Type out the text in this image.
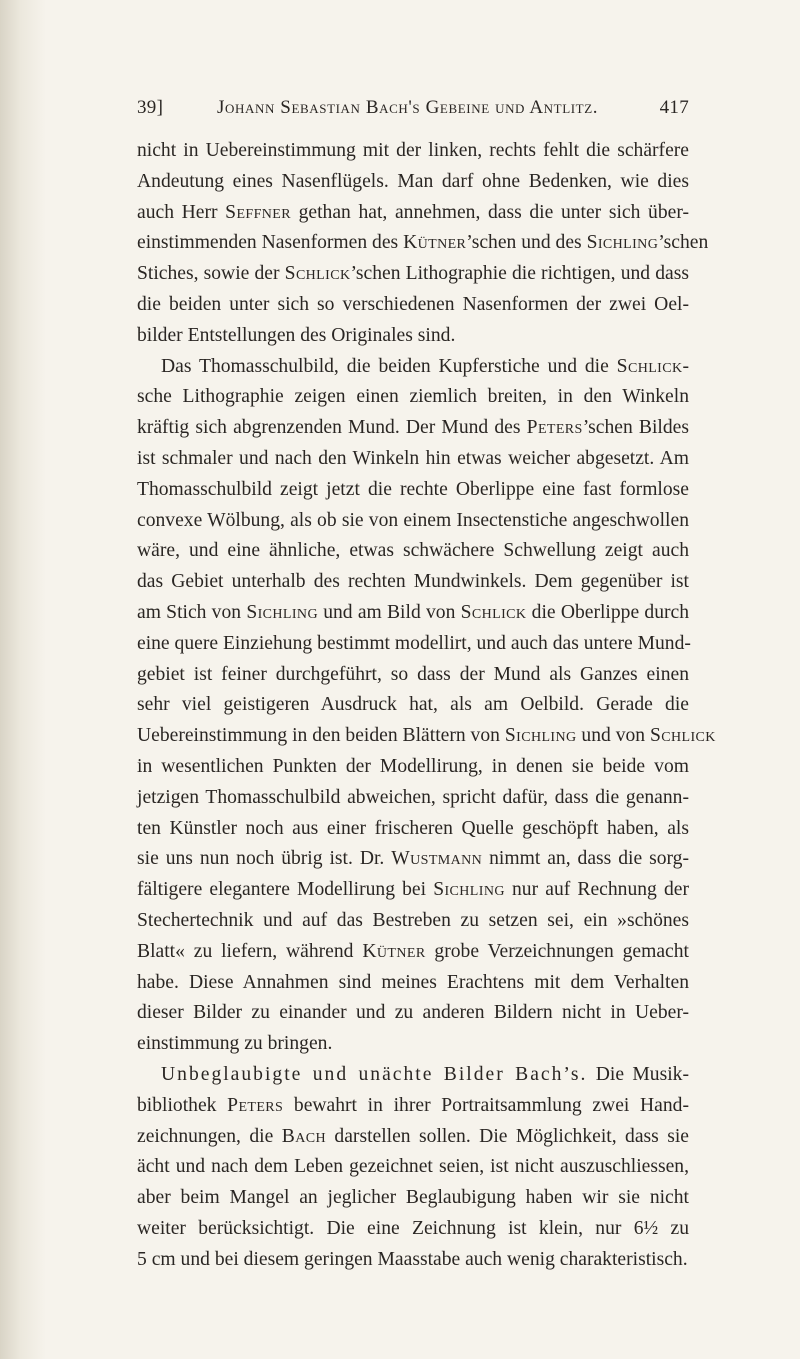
39]	Johann Sebastian Bach's Gebeine und Antlitz.	417
nicht in Uebereinstimmung mit der linken, rechts fehlt die schärfere
Andeutung eines Nasenflügels. Man darf ohne Bedenken, wie dies
auch Herr Seffner gethan hat, annehmen, dass die unter sich über-
einstimmenden Nasenformen des Kütner’schen und des Sichling’schen
Stiches, sowie der Schlick’schen Lithographie die richtigen, und dass
die beiden unter sich so verschiedenen Nasenformen der zwei Oel-
bilder Entstellungen des Originales sind.
Das Thomasschulbild, die beiden Kupferstiche und die Schlick-
sche Lithographie zeigen einen ziemlich breiten, in den Winkeln
kräftig sich abgrenzenden Mund. Der Mund des Peters’schen Bildes
ist schmaler und nach den Winkeln hin etwas weicher abgesetzt. Am
Thomasschulbild zeigt jetzt die rechte Oberlippe eine fast formlose
convexe Wölbung, als ob sie von einem Insectenstiche angeschwollen
wäre, und eine ähnliche, etwas schwächere Schwellung zeigt auch
das Gebiet unterhalb des rechten Mundwinkels. Dem gegenüber ist
am Stich von Sichling und am Bild von Schlick die Oberlippe durch
eine quere Einziehung bestimmt modellirt, und auch das untere Mund-
gebiet ist feiner durchgeführt, so dass der Mund als Ganzes einen
sehr viel geistigeren Ausdruck hat, als am Oelbild. Gerade die
Uebereinstimmung in den beiden Blättern von Sichling und von Schlick
in wesentlichen Punkten der Modellirung, in denen sie beide vom
jetzigen Thomasschulbild abweichen, spricht dafür, dass die genann-
ten Künstler noch aus einer frischeren Quelle geschöpft haben, als
sie uns nun noch übrig ist. Dr. Wustmann nimmt an, dass die sorg-
fältigere elegantere Modellirung bei Sichling nur auf Rechnung der
Stechertechnik und auf das Bestreben zu setzen sei, ein »schönes
Blatt« zu liefern, während Kütner grobe Verzeichnungen gemacht
habe. Diese Annahmen sind meines Erachtens mit dem Verhalten
dieser Bilder zu einander und zu anderen Bildern nicht in Ueber-
einstimmung zu bringen.
Unbeglaubigte und unächte Bilder Bach’s. Die Musik-
bibliothek Peters bewahrt in ihrer Portraitsammlung zwei Hand-
zeichnungen, die Bach darstellen sollen. Die Möglichkeit, dass sie
ächt und nach dem Leben gezeichnet seien, ist nicht auszuschliessen,
aber beim Mangel an jeglicher Beglaubigung haben wir sie nicht
weiter berücksichtigt. Die eine Zeichnung ist klein, nur 6½ zu
5 cm und bei diesem geringen Maasstabe auch wenig charakteristisch.
